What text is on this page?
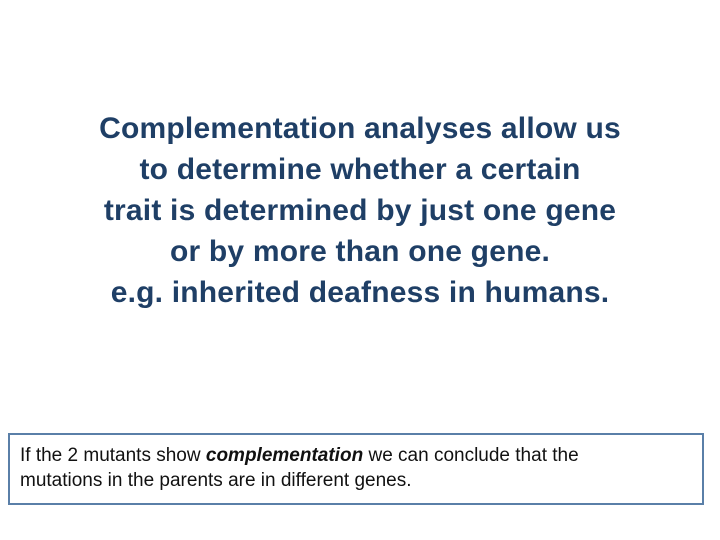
Complementation analyses allow us
to determine whether a certain
trait is determined by just one gene
or by more than one gene.
e.g. inherited deafness in humans.
If the 2 mutants show complementation we can conclude that the
mutations in the parents are in different genes.
